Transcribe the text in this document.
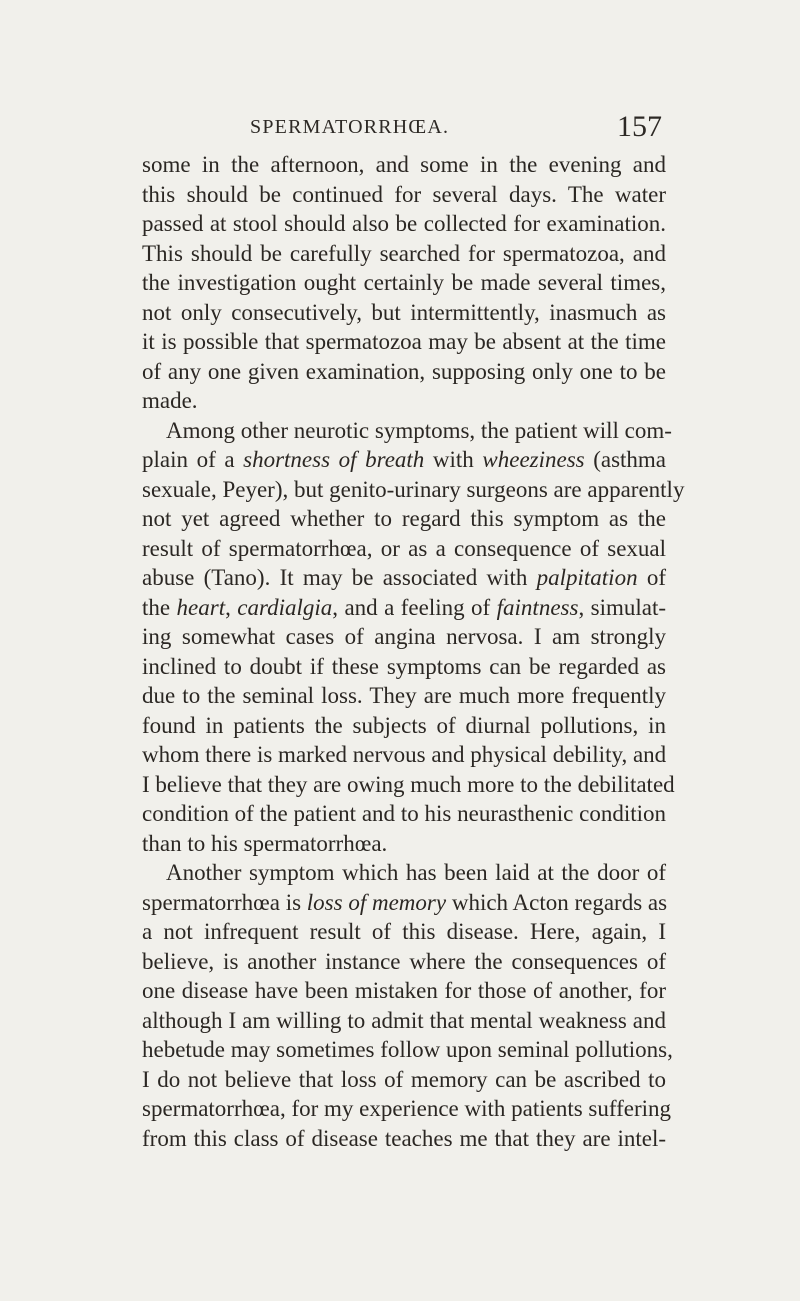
SPERMATORRHŒA.	157
some in the afternoon, and some in the evening and
this should be continued for several days. The water
passed at stool should also be collected for examination.
This should be carefully searched for spermatozoa, and
the investigation ought certainly be made several times,
not only consecutively, but intermittently, inasmuch as
it is possible that spermatozoa may be absent at the time
of any one given examination, supposing only one to be
made.
Among other neurotic symptoms, the patient will com-
plain of a shortness of breath with wheeziness (asthma
sexuale, Peyer), but genito-urinary surgeons are apparently
not yet agreed whether to regard this symptom as the
result of spermatorrhœa, or as a consequence of sexual
abuse (Tano). It may be associated with palpitation of
the heart, cardialgia, and a feeling of faintness, simulat-
ing somewhat cases of angina nervosa. I am strongly
inclined to doubt if these symptoms can be regarded as
due to the seminal loss. They are much more frequently
found in patients the subjects of diurnal pollutions, in
whom there is marked nervous and physical debility, and
I believe that they are owing much more to the debilitated
condition of the patient and to his neurasthenic condition
than to his spermatorrhœa.
Another symptom which has been laid at the door of
spermatorrhœa is loss of memory which Acton regards as
a not infrequent result of this disease. Here, again, I
believe, is another instance where the consequences of
one disease have been mistaken for those of another, for
although I am willing to admit that mental weakness and
hebetude may sometimes follow upon seminal pollutions,
I do not believe that loss of memory can be ascribed to
spermatorrhœa, for my experience with patients suffering
from this class of disease teaches me that they are intel-
